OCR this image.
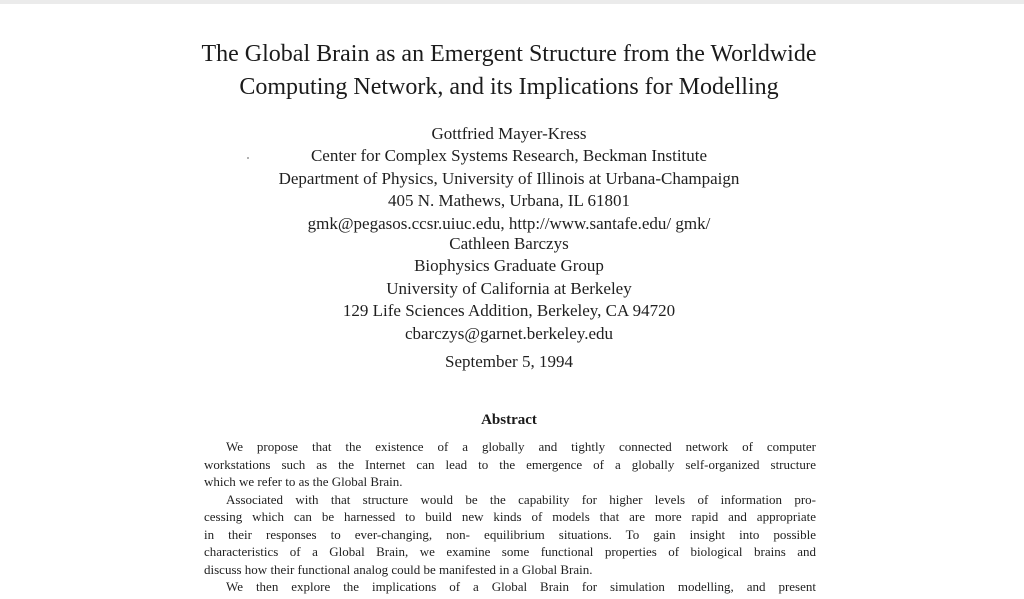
The Global Brain as an Emergent Structure from the Worldwide
Computing Network, and its Implications for Modelling
Gottfried Mayer-Kress
Center for Complex Systems Research, Beckman Institute
Department of Physics, University of Illinois at Urbana-Champaign
405 N. Mathews, Urbana, IL 61801
gmk@pegasos.ccsr.uiuc.edu, http://www.santafe.edu/ gmk/
Cathleen Barczys
Biophysics Graduate Group
University of California at Berkeley
129 Life Sciences Addition, Berkeley, CA 94720
cbarczys@garnet.berkeley.edu
September 5, 1994
Abstract
We propose that the existence of a globally and tightly connected network of computer
workstations such as the Internet can lead to the emergence of a globally self-organized structure
which we refer to as the Global Brain.
Associated with that structure would be the capability for higher levels of information pro-
cessing which can be harnessed to build new kinds of models that are more rapid and appropriate
in their responses to ever-changing, non- equilibrium situations. To gain insight into possible
characteristics of a Global Brain, we examine some functional properties of biological brains and
discuss how their functional analog could be manifested in a Global Brain.
We then explore the implications of a Global Brain for simulation modelling, and present
